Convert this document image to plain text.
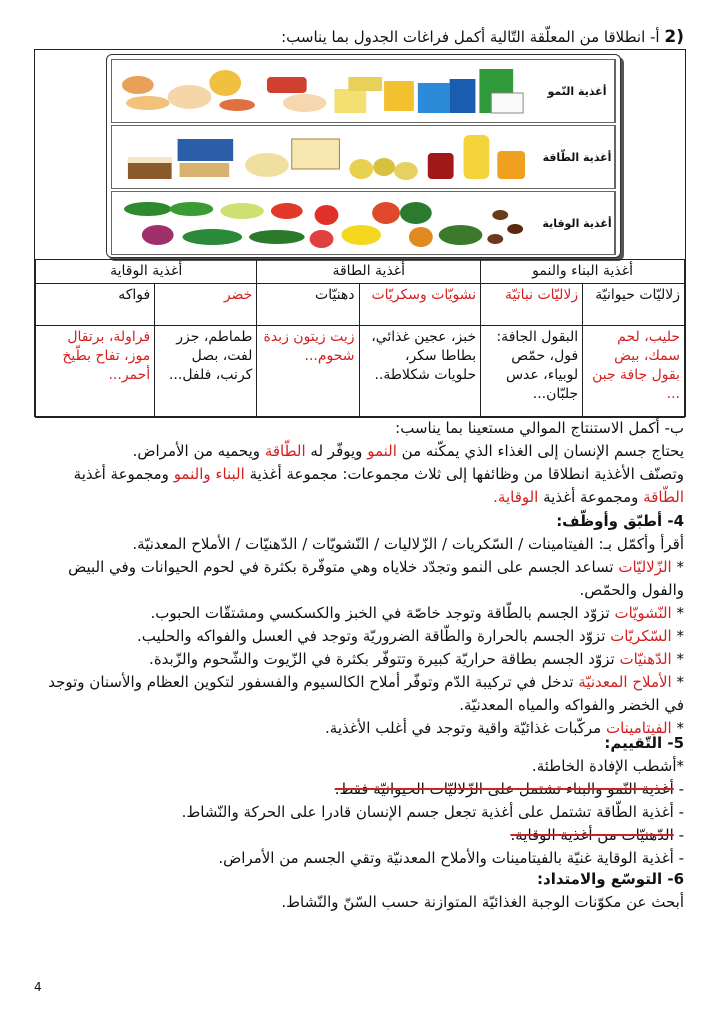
(2 أ- انطلاقا من المعلّقة التّالية أكمل فراغات الجدول بما يناسب:
أغذية النّمو
أغذية الطّاقة
أغذية الوقاية
أغذية البناء والنمو		أغذية الطاقة		أغذية الوقاية	
زلاليّات حيوانيّة	زلاليّات نباتيّة	نشويّات وسكريّات	دهنيّات	خضر	فواكه
حليب، لحم سمك، بيض بقول جافة جبن ...	البقول الجافة: فول، حمّص لوبياء، عدس جلبّان...	خبز، عجين غذائي، بطاطا سكر، حلويات شكلاطة..	زيت زيتون زبدة شحوم...	طماطم، جزر لفت، بصل كرنب، فلفل...	فراولة، برتقال موز، تفاح بطّيخ أحمر...
ب- أكمل الاستنتاج الموالي مستعينا بما يناسب:
يحتاج جسم الإنسان إلى الغذاء الذي يمكّنه من النمو ويوفّر له الطّاقة ويحميه من الأمراض.
وتصنّف الأغذية انطلاقا من وظائفها إلى ثلاث مجموعات: مجموعة أغذية البناء والنمو ومجموعة أغذية
الطّاقة ومجموعة أغذية الوقاية.
4- أطبّق وأوظّف:
أقرأ وأكمّل بـ: الفيتامينات / السّكريات / الزّلاليات / النّشويّات / الدّهنيّات / الأملاح المعدنيّة.
* الزّلاليّات تساعد الجسم على النمو وتجدّد خلاياه وهي متوفّرة بكثرة في لحوم الحيوانات وفي البيض والفول والحمّص.
* النّشويّات تزوّد الجسم بالطّاقة وتوجد خاصّة في الخبز والكسكسي ومشتقّات الحبوب.
* السّكريّات تزوّد الجسم بالحرارة والطّاقة الضروريّة وتوجد في العسل والفواكه والحليب.
* الدّهنيّات تزوّد الجسم بطاقة حراريّة كبيرة وتتوفّر بكثرة في الزّيوت والشّحوم والزّبدة.
* الأملاح المعدنيّة تدخل في تركيبة الدّم وتوفّر أملاح الكالسيوم والفسفور لتكوين العظام والأسنان وتوجد في الخضر والفواكه والمياه المعدنيّة.
* الفيتامينات مركّبات غذائيّة واقية وتوجد في أغلب الأغذية.
5- التّقييم:
*أشطب الإفادة الخاطئة.
- أغذية النّمو والبناء تشتمل على الزّلاليّات الحيوانيّة فقط.
- أغذية الطّاقة تشتمل على أغذية تجعل جسم الإنسان قادرا على الحركة والنّشاط.
- الدّهنيّات من أغذية الوقاية.
- أغذية الوقاية غنيّة بالفيتامينات والأملاح المعدنيّة وتقي الجسم من الأمراض.
6- التوسّع والامتداد:
أبحث عن مكوّنات الوجبة الغذائيّة المتوازنة حسب السّنّ والنّشاط.
4
